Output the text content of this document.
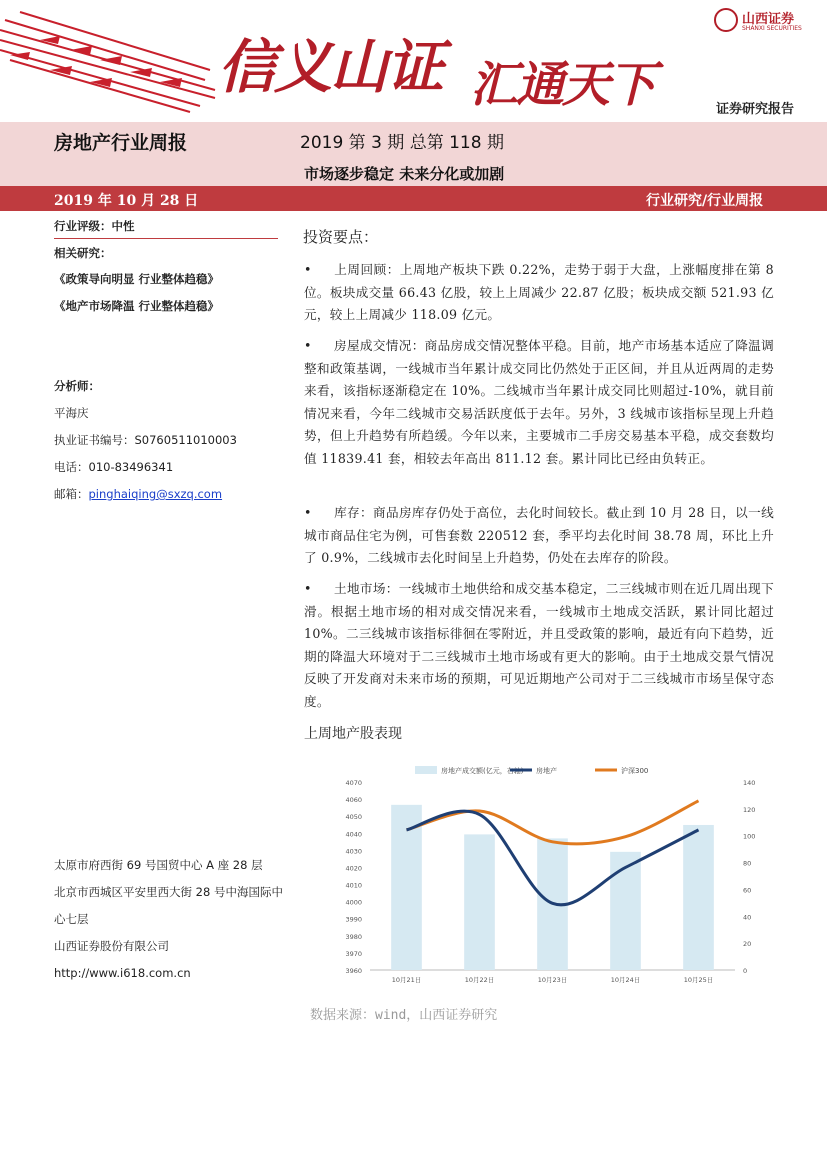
信义山证 汇通天下
山西证券
SHANXI SECURITIES
证券研究报告
房地产行业周报	2019 第 3 期 总第 118 期
市场逐步稳定 未来分化或加剧
2019 年 10 月 28 日	行业研究/行业周报
行业评级：中性
相关研究：
《政策导向明显 行业整体趋稳》
《地产市场降温 行业整体趋稳》
分析师：
平海庆
执业证书编号：S0760511010003
电话：010-83496341
邮箱：pinghaiqing@sxzq.com
太原市府西街 69 号国贸中心 A 座 28 层
北京市西城区平安里西大街 28 号中海国际中心七层
山西证券股份有限公司
http://www.i618.com.cn
投资要点：
• 上周回顾：上周地产板块下跌 0.22%，走势于弱于大盘，上涨幅度排在第 8 位。板块成交量 66.43 亿股，较上上周减少 22.87 亿股；板块成交额 521.93 亿元，较上上周减少 118.09 亿元。
• 房屋成交情况：商品房成交情况整体平稳。目前，地产市场基本适应了降温调整和政策基调，一线城市当年累计成交同比仍然处于正区间，并且从近两周的走势来看，该指标逐渐稳定在 10%。二线城市当年累计成交同比则超过-10%，就目前情况来看，今年二线城市交易活跃度低于去年。另外，3 线城市该指标呈现上升趋势，但上升趋势有所趋缓。今年以来，主要城市二手房交易基本平稳，成交套数均值 11839.41 套，相较去年高出 811.12 套。累计同比已经由负转正。
• 库存：商品房库存仍处于高位，去化时间较长。截止到 10 月 28 日，以一线城市商品住宅为例，可售套数 220512 套，季平均去化时间 38.78 周，环比上升了 0.9%，二线城市去化时间呈上升趋势，仍处在去库存的阶段。
• 土地市场：一线城市土地供给和成交基本稳定，二三线城市则在近几周出现下滑。根据土地市场的相对成交情况来看，一线城市土地成交活跃，累计同比超过 10%。二三线城市该指标徘徊在零附近，并且受政策的影响，最近有向下趋势，近期的降温大环境对于二三线城市土地市场或有更大的影响。由于土地成交景气情况反映了开发商对未来市场的预期，可见近期地产公司对于二三线城市市场呈保守态度。
上周地产股表现
4070
4060
4050
4040
4030
4020
4010
4000
3990
3980
3970
3960
140
120
100
80
60
40
20
0
10月21日	10月22日	10月23日	10月24日	10月25日
房地产成交额(亿元，右轴) 房地产	沪深300
数据来源：wind，山西证券研究
